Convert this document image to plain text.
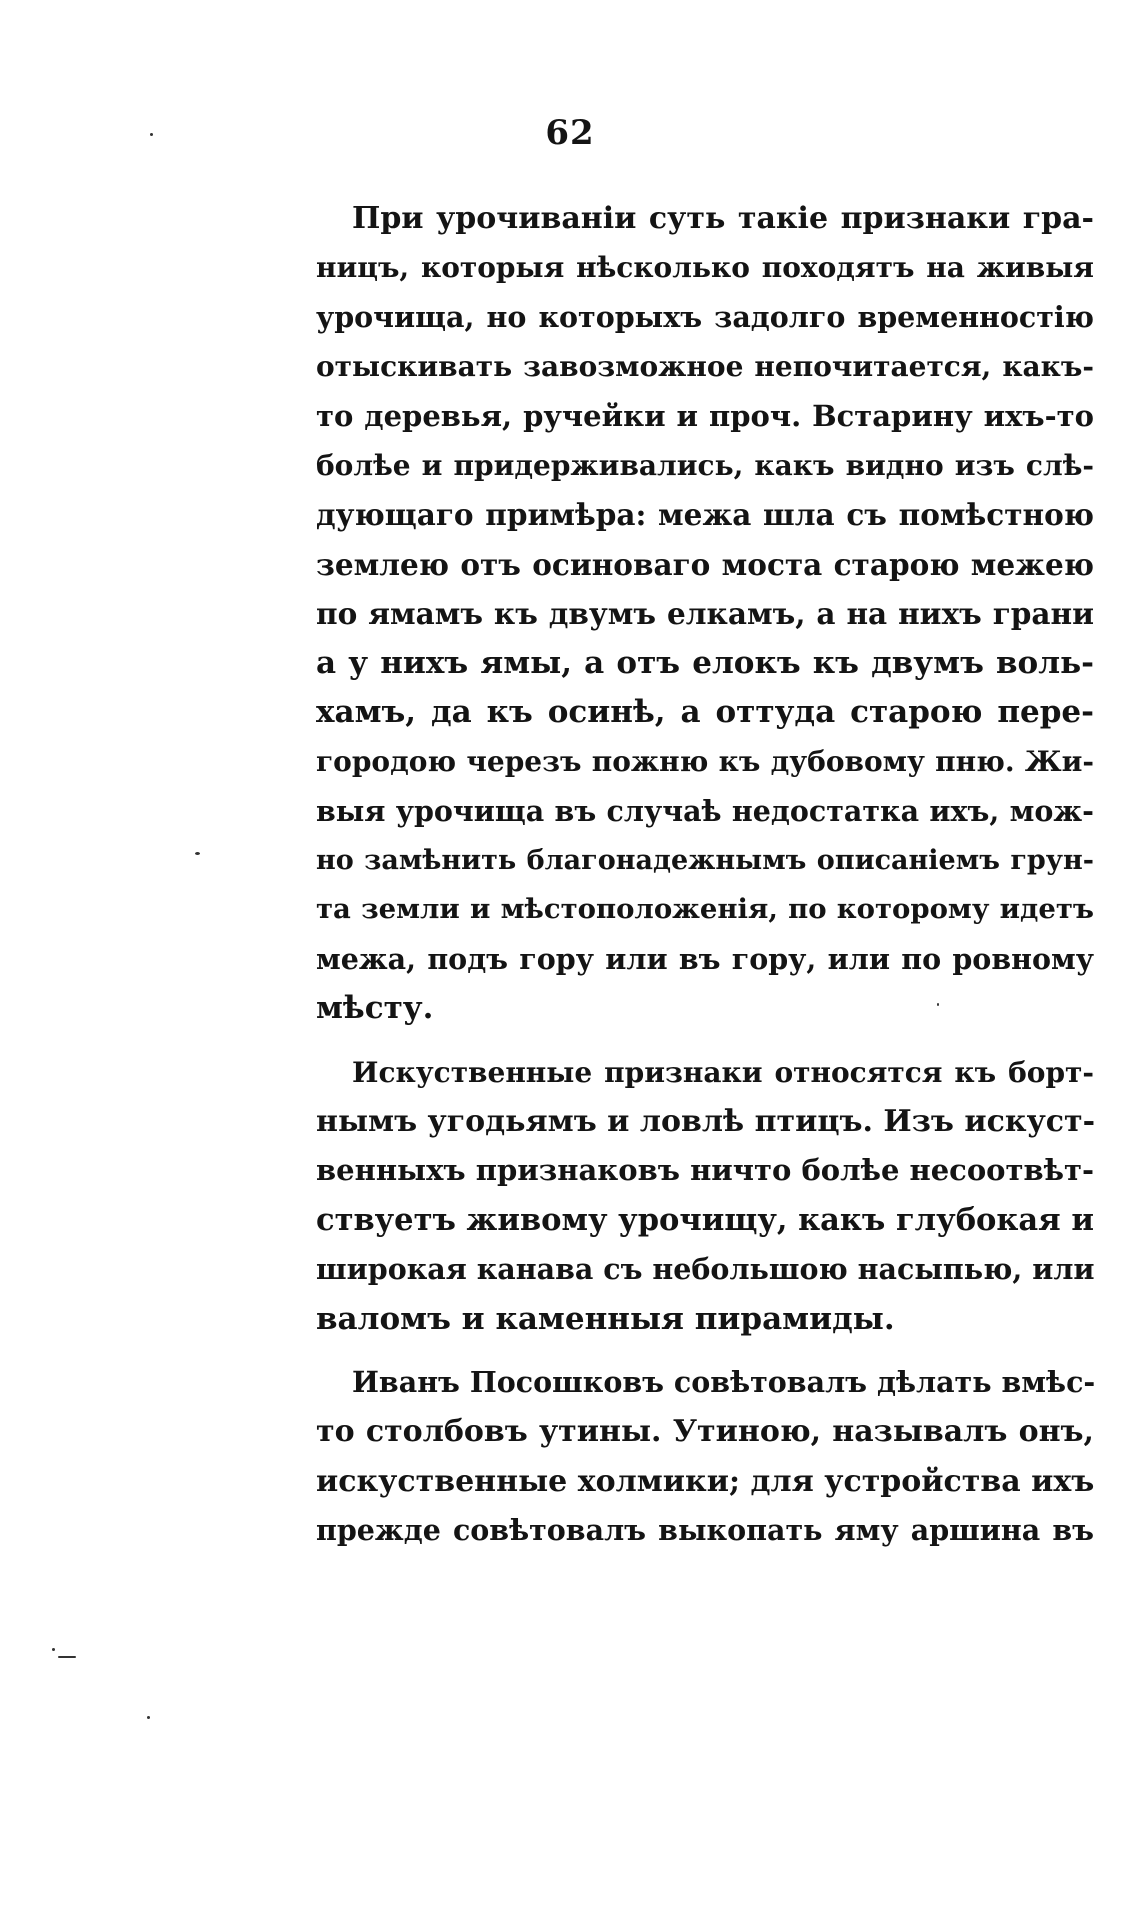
62
При урочиваніи суть такіе признаки гра-
ницъ, которыя нѣсколько походятъ на живыя
урочища, но которыхъ задолго временностію
отыскивать завозможное непочитается, какъ-
то деревья, ручейки и проч. Встарину ихъ-то
болѣе и придерживались, какъ видно изъ слѣ-
дующаго примѣра: межа шла съ помѣстною
землею отъ осиноваго моста старою межею
по ямамъ къ двумъ елкамъ, а на нихъ грани
а у нихъ ямы, а отъ елокъ къ двумъ воль-
хамъ, да къ осинѣ, а оттуда старою пере-
городою черезъ пожню къ дубовому пню. Жи-
выя урочища въ случаѣ недостатка ихъ, мож-
но замѣнить благонадежнымъ описаніемъ грун-
та земли и мѣстоположенія, по которому идетъ
межа, подъ гору или въ гору, или по ровному
мѣсту.
Искуственные признаки относятся къ борт-
нымъ угодьямъ и ловлѣ птицъ. Изъ искуст-
венныхъ признаковъ ничто болѣе несоотвѣт-
ствуетъ живому урочищу, какъ глубокая и
широкая канава съ небольшою насыпью, или
валомъ и каменныя пирамиды.
Иванъ Посошковъ совѣтовалъ дѣлать вмѣс-
то столбовъ утины. Утиною, называлъ онъ,
искуственные холмики; для устройства ихъ
прежде совѣтовалъ выкопать яму аршина въ
